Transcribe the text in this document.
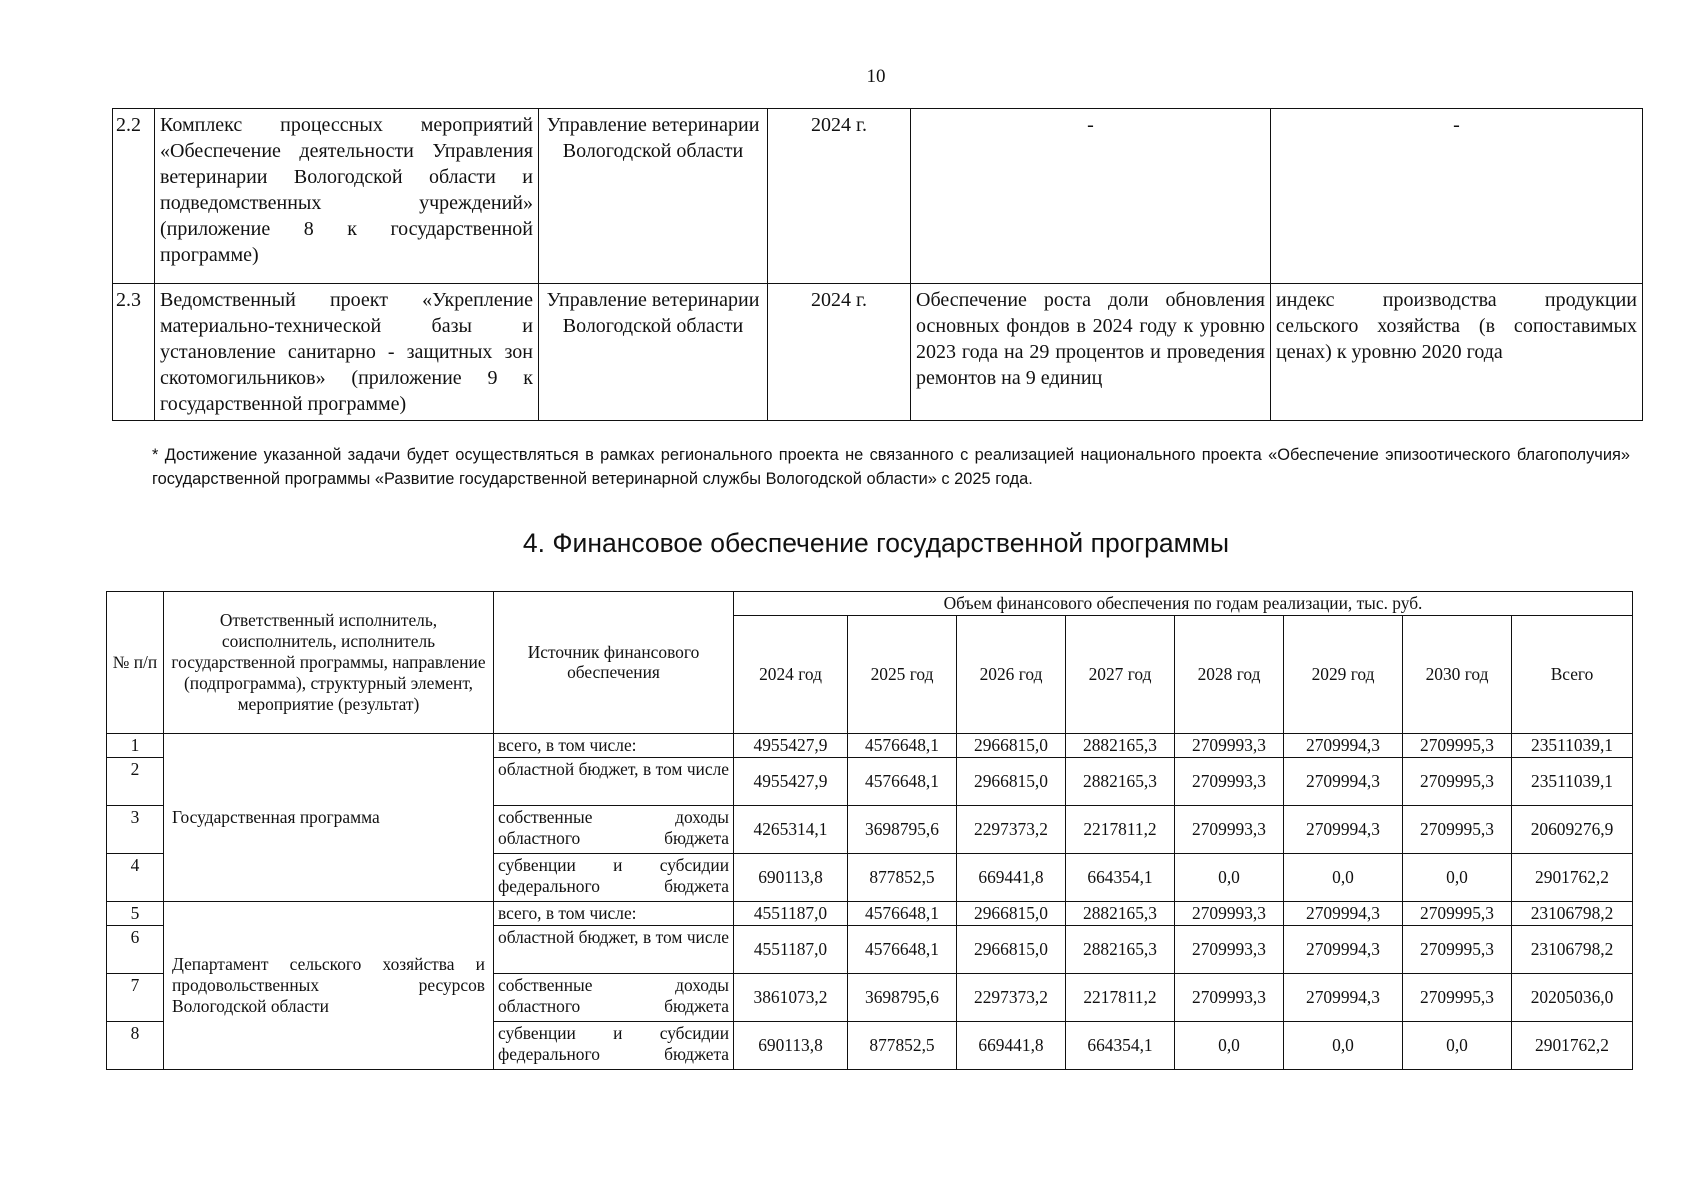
10
2.2	Комплекс процессных мероприятий «Обеспечение деятельности Управления ветеринарии Вологодской области и подведомственных учреждений» (приложение 8 к государственной программе)	Управление ветеринарии Вологодской области	2024 г.	-	-
2.3	Ведомственный проект «Укрепление материально-технической базы и установление санитарно - защитных зон скотомогильников» (приложение 9 к государственной программе)	Управление ветеринарии Вологодской области	2024 г.	Обеспечение роста доли обновления основных фондов в 2024 году к уровню 2023 года на 29 процентов и проведения ремонтов на 9 единиц	индекс производства продукции сельского хозяйства (в сопоставимых ценах) к уровню 2020 года
* Достижение указанной задачи будет осуществляться в рамках регионального проекта не связанного с реализацией национального проекта «Обеспечение эпизоотического благополучия» государственной программы «Развитие государственной ветеринарной службы Вологодской области» с 2025 года.
4. Финансовое обеспечение государственной программы
№ п/п	Ответственный исполнитель, соисполнитель, исполнитель государственной программы, направление (подпрограмма), структурный элемент, мероприятие (результат)	Источник финансового обеспечения	Объем финансового обеспечения по годам реализации, тыс. руб.							
			2024 год	2025 год	2026 год	2027 год	2028 год	2029 год	2030 год	Всего
1	Государственная программа	всего, в том числе:	4955427,9	4576648,1	2966815,0	2882165,3	2709993,3	2709994,3	2709995,3	23511039,1
2		областной бюджет, в том числе	4955427,9	4576648,1	2966815,0	2882165,3	2709993,3	2709994,3	2709995,3	23511039,1
3		собственные доходы областного бюджета	4265314,1	3698795,6	2297373,2	2217811,2	2709993,3	2709994,3	2709995,3	20609276,9
4		субвенции и субсидии федерального бюджета	690113,8	877852,5	669441,8	664354,1	0,0	0,0	0,0	2901762,2
5	Департамент сельского хозяйства и продовольственных ресурсов Вологодской области	всего, в том числе:	4551187,0	4576648,1	2966815,0	2882165,3	2709993,3	2709994,3	2709995,3	23106798,2
6		областной бюджет, в том числе	4551187,0	4576648,1	2966815,0	2882165,3	2709993,3	2709994,3	2709995,3	23106798,2
7		собственные доходы областного бюджета	3861073,2	3698795,6	2297373,2	2217811,2	2709993,3	2709994,3	2709995,3	20205036,0
8		субвенции и субсидии федерального бюджета	690113,8	877852,5	669441,8	664354,1	0,0	0,0	0,0	2901762,2
